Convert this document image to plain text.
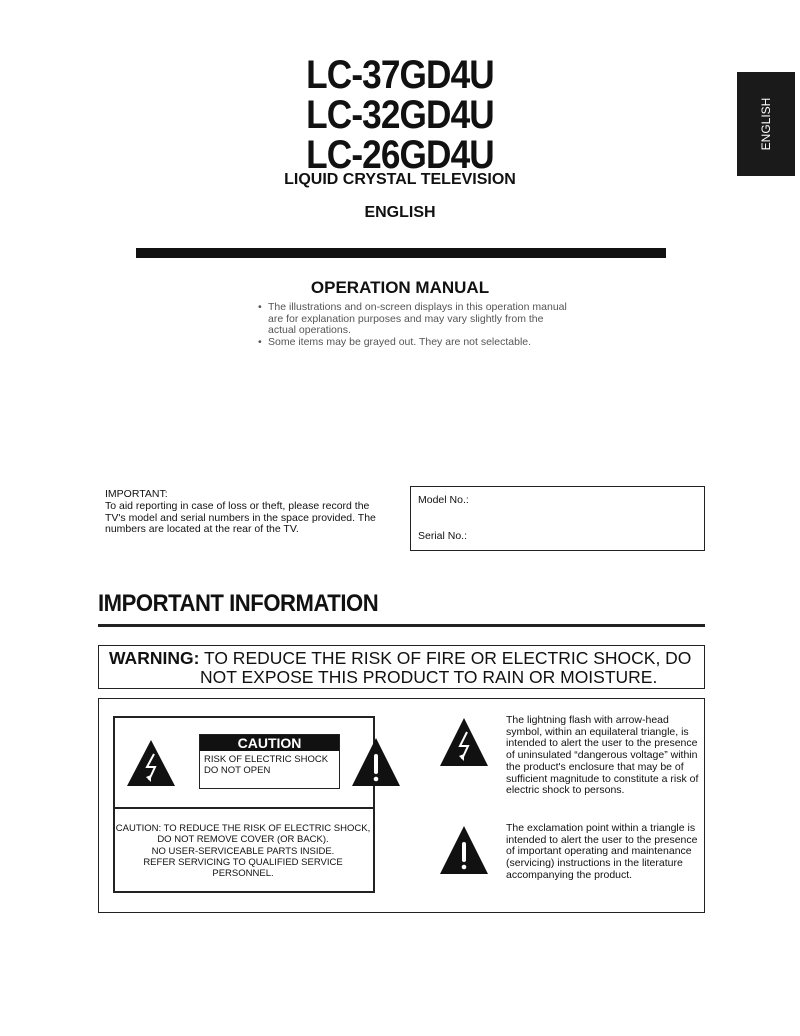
LC-37GD4U
LC-32GD4U
LC-26GD4U
LIQUID CRYSTAL TELEVISION
ENGLISH
ENGLISH
OPERATION MANUAL
• The illustrations and on-screen displays in this operation manual are for explanation purposes and may vary slightly from the actual operations.
• Some items may be grayed out. They are not selectable.
IMPORTANT:
To aid reporting in case of loss or theft, please record the TV's model and serial numbers in the space provided. The numbers are located at the rear of the TV.
Model No.:
Serial No.:
IMPORTANT INFORMATION
WARNING: TO REDUCE THE RISK OF FIRE OR ELECTRIC SHOCK, DO
NOT EXPOSE THIS PRODUCT TO RAIN OR MOISTURE.
CAUTION
RISK OF ELECTRIC SHOCK
DO NOT OPEN
CAUTION: TO REDUCE THE RISK OF ELECTRIC SHOCK,
DO NOT REMOVE COVER (OR BACK).
NO USER-SERVICEABLE PARTS INSIDE.
REFER SERVICING TO QUALIFIED SERVICE
PERSONNEL.
The lightning flash with arrow-head symbol, within an equilateral triangle, is intended to alert the user to the presence of uninsulated “dangerous voltage” within the product's enclosure that may be of sufficient magnitude to constitute a risk of electric shock to persons.
The exclamation point within a triangle is intended to alert the user to the presence of important operating and maintenance (servicing) instructions in the literature accompanying the product.
